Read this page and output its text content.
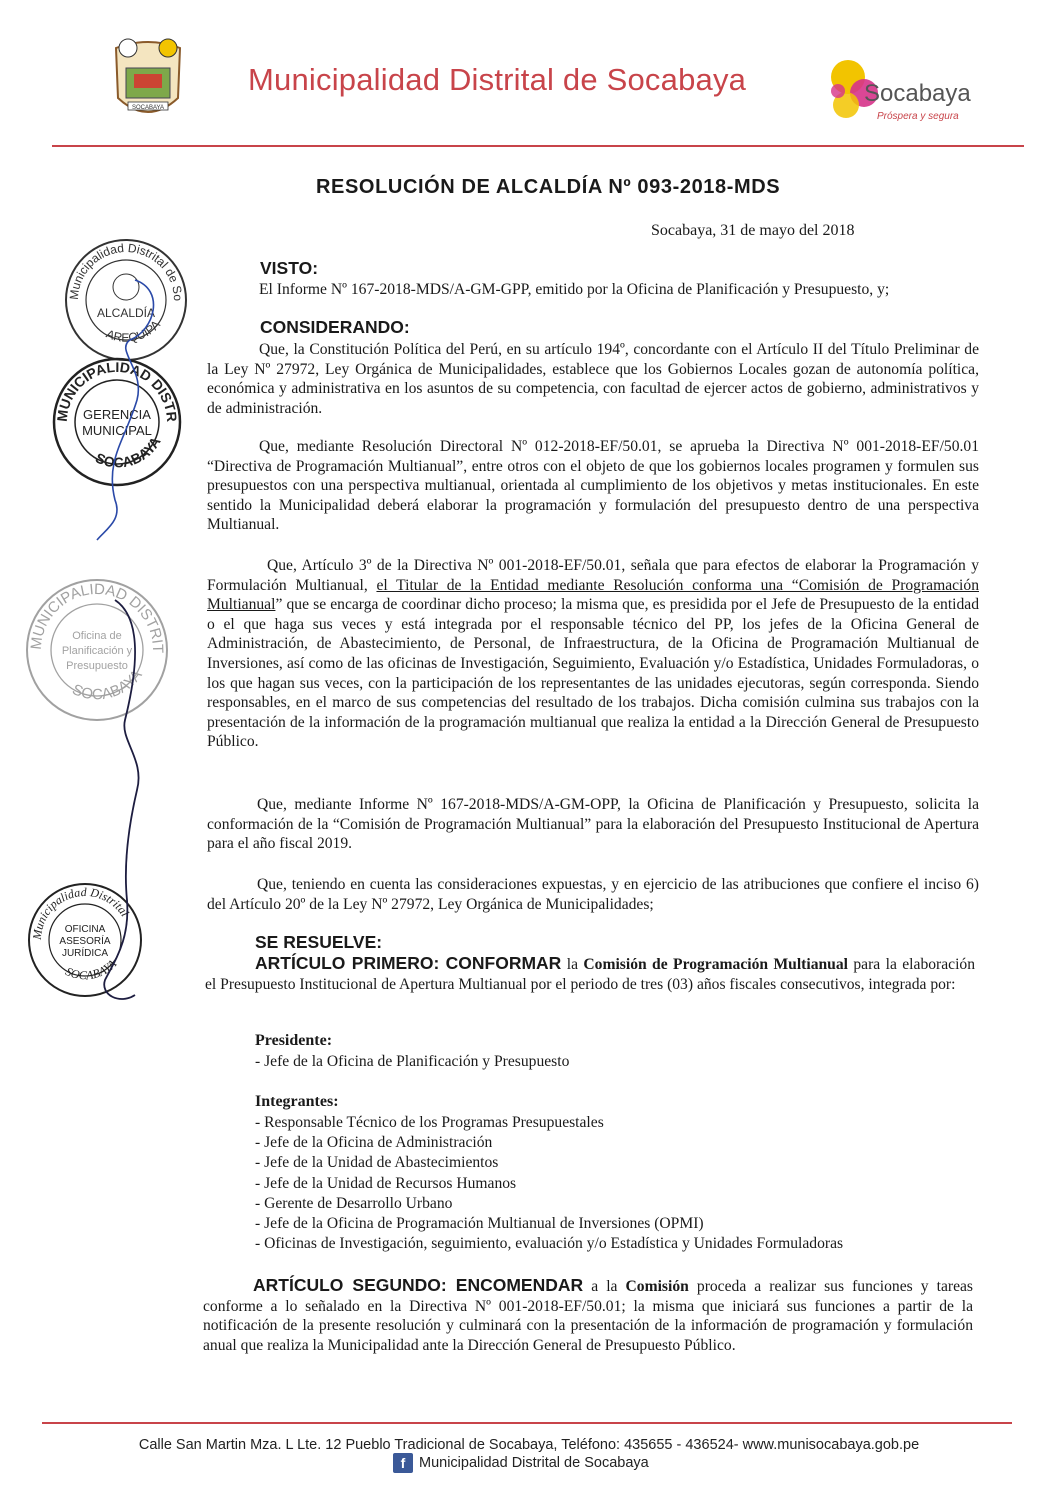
SOCABAYA
Municipalidad Distrital de Socabaya	Socabaya
Próspera y segura
RESOLUCIÓN DE ALCALDÍA Nº 093-2018-MDS
Socabaya, 31 de mayo del 2018
Municipalidad Distrital de So
AREQUIPA
ALCALDÍA
MUNICIPALIDAD DISTR
SOCABAYA
GERENCIA
MUNICIPAL
MUNICIPALIDAD DISTRIT
SOCABAYA
Oficina de
Planificación y
Presupuesto
Municipalidad Distrital
SOCABAYA
OFICINA
ASESORÍA
JURÍDICA
VISTO:
El Informe Nº 167-2018-MDS/A-GM-GPP, emitido por la Oficina de Planificación y Presupuesto, y;
CONSIDERANDO:
Que, la Constitución Política del Perú, en su artículo 194º, concordante con el Artículo II del Título Preliminar de la Ley Nº 27972, Ley Orgánica de Municipalidades, establece que los Gobiernos Locales gozan de autonomía política, económica y administrativa en los asuntos de su competencia, con facultad de ejercer actos de gobierno, administrativos y de administración.
Que, mediante Resolución Directoral Nº 012-2018-EF/50.01, se aprueba la Directiva Nº 001-2018-EF/50.01 “Directiva de Programación Multianual”, entre otros con el objeto de que los gobiernos locales programen y formulen sus presupuestos con una perspectiva multianual, orientada al cumplimiento de los objetivos y metas institucionales. En este sentido la Municipalidad deberá elaborar la programación y formulación del presupuesto dentro de una perspectiva Multianual.
Que, Artículo 3º de la Directiva Nº 001-2018-EF/50.01, señala que para efectos de elaborar la Programación y Formulación Multianual, el Titular de la Entidad mediante Resolución conforma una “Comisión de Programación Multianual” que se encarga de coordinar dicho proceso; la misma que, es presidida por el Jefe de Presupuesto de la entidad o el que haga sus veces y está integrada por el responsable técnico del PP, los jefes de la Oficina General de Administración, de Abastecimiento, de Personal, de Infraestructura, de la Oficina de Programación Multianual de Inversiones, así como de las oficinas de Investigación, Seguimiento, Evaluación y/o Estadística, Unidades Formuladoras, o los que hagan sus veces, con la participación de los representantes de las unidades ejecutoras, según corresponda. Siendo responsables, en el marco de sus competencias del resultado de los trabajos. Dicha comisión culmina sus trabajos con la presentación de la información de la programación multianual que realiza la entidad a la Dirección General de Presupuesto Público.
Que, mediante Informe Nº 167-2018-MDS/A-GM-OPP, la Oficina de Planificación y Presupuesto, solicita la conformación de la “Comisión de Programación Multianual” para la elaboración del Presupuesto Institucional de Apertura para el año fiscal 2019.
Que, teniendo en cuenta las consideraciones expuestas, y en ejercicio de las atribuciones que confiere el inciso 6) del Artículo 20º de la Ley Nº 27972, Ley Orgánica de Municipalidades;
SE RESUELVE:
ARTÍCULO PRIMERO: CONFORMAR la Comisión de Programación Multianual para la elaboración el Presupuesto Institucional de Apertura Multianual por el periodo de tres (03) años fiscales consecutivos, integrada por:
Presidente:
- Jefe de la Oficina de Planificación y Presupuesto
Integrantes:
- Responsable Técnico de los Programas Presupuestales
- Jefe de la Oficina de Administración
- Jefe de la Unidad de Abastecimientos
- Jefe de la Unidad de Recursos Humanos
- Gerente de Desarrollo Urbano
- Jefe de la Oficina de Programación Multianual de Inversiones (OPMI)
- Oficinas de Investigación, seguimiento, evaluación y/o Estadística y Unidades Formuladoras
ARTÍCULO SEGUNDO: ENCOMENDAR a la Comisión proceda a realizar sus funciones y tareas conforme a lo señalado en la Directiva Nº 001-2018-EF/50.01; la misma que iniciará sus funciones a partir de la notificación de la presente resolución y culminará con la presentación de la información de programación y formulación anual que realiza la Municipalidad ante la Dirección General de Presupuesto Público.
Calle San Martin Mza. L Lte. 12 Pueblo Tradicional de Socabaya, Teléfono: 435655 - 436524- www.munisocabaya.gob.pe
f Municipalidad Distrital de Socabaya
